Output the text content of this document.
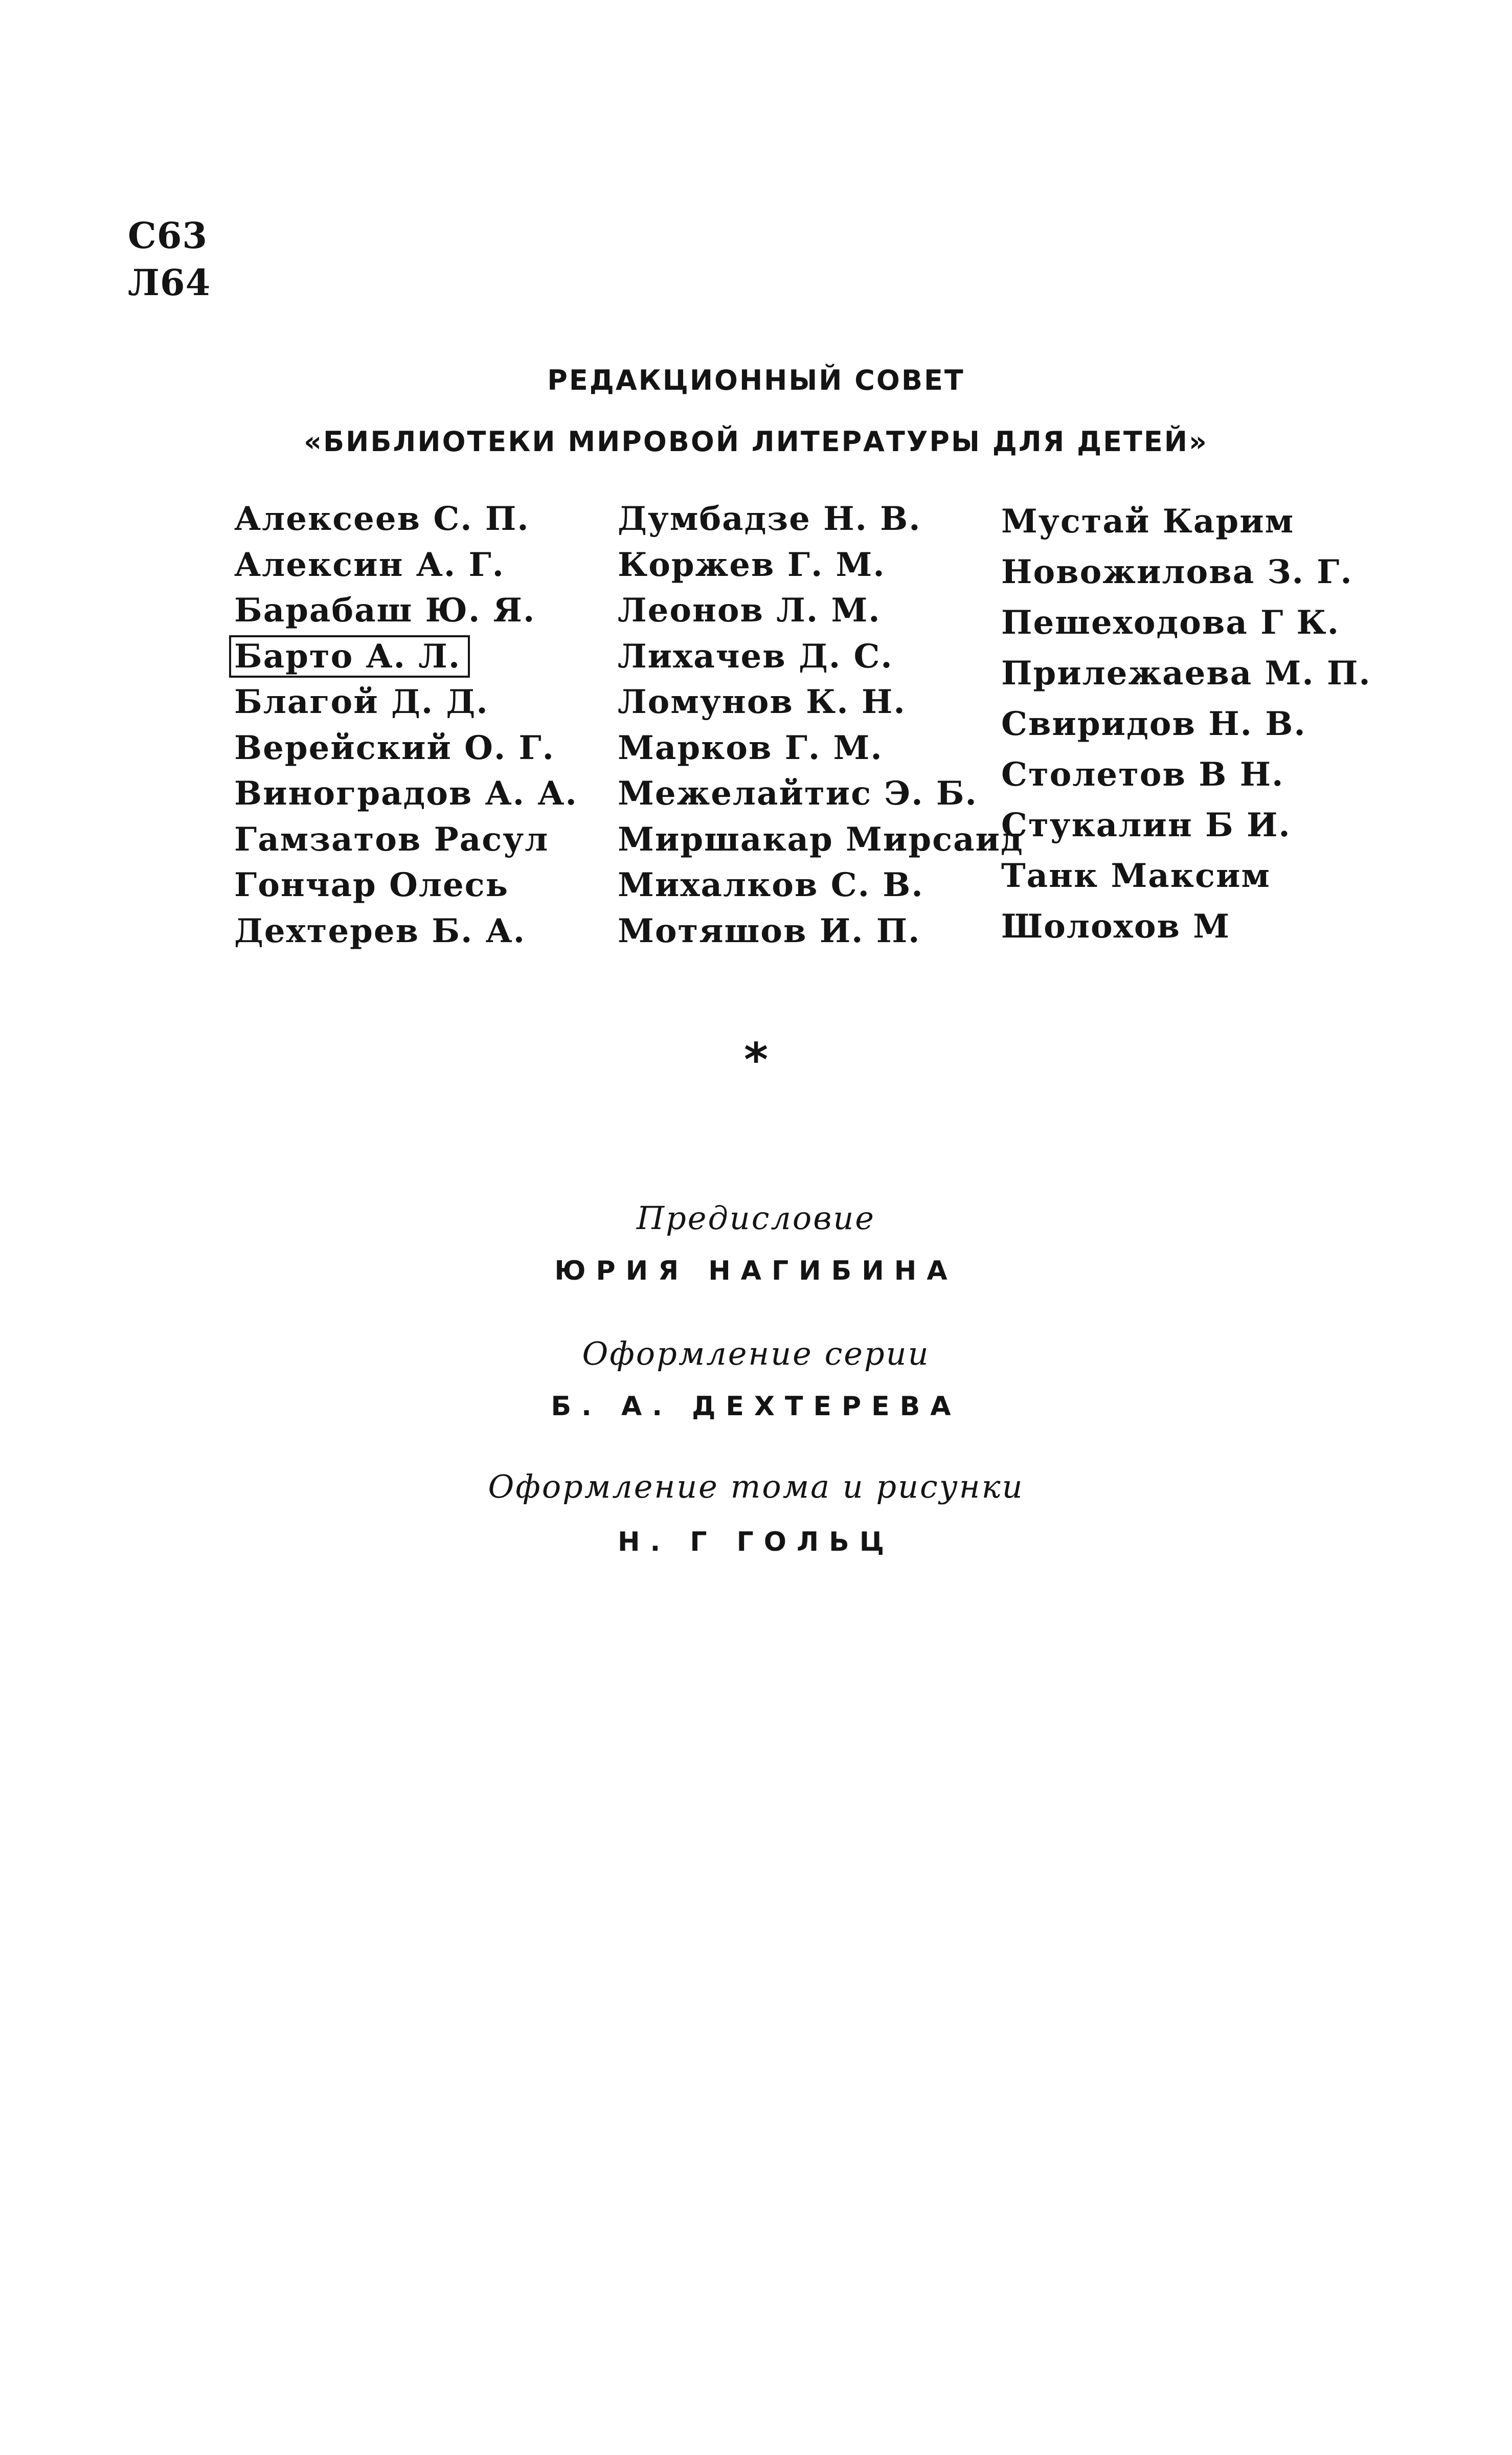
С63
Л64
РЕДАКЦИОННЫЙ СОВЕТ
«БИБЛИОТЕКИ МИРОВОЙ ЛИТЕРАТУРЫ ДЛЯ ДЕТЕЙ»
Алексеев С. П.
Алексин А. Г.
Барабаш Ю. Я.
Барто А. Л.
Благой Д. Д.
Верейский О. Г.
Виноградов А. А.
Гамзатов Расул
Гончар Олесь
Дехтерев Б. А.
Думбадзе Н. В.
Коржев Г. М.
Леонов Л. М.
Лихачев Д. С.
Ломунов К. Н.
Марков Г. М.
Межелайтис Э. Б.
Миршакар Мирсаид
Михалков С. В.
Мотяшов И. П.
Мустай Карим
Новожилова З. Г.
Пешеходова Г К.
Прилежаева М. П.
Свиридов Н. В.
Столетов В Н.
Стукалин Б И.
Танк Максим
Шолохов М
*
Предисловие
ЮРИЯ НАГИБИНА
Оформление серии
Б. А. ДЕХТЕРЕВА
Оформление тома и рисунки
Н. Г ГОЛЬЦ
